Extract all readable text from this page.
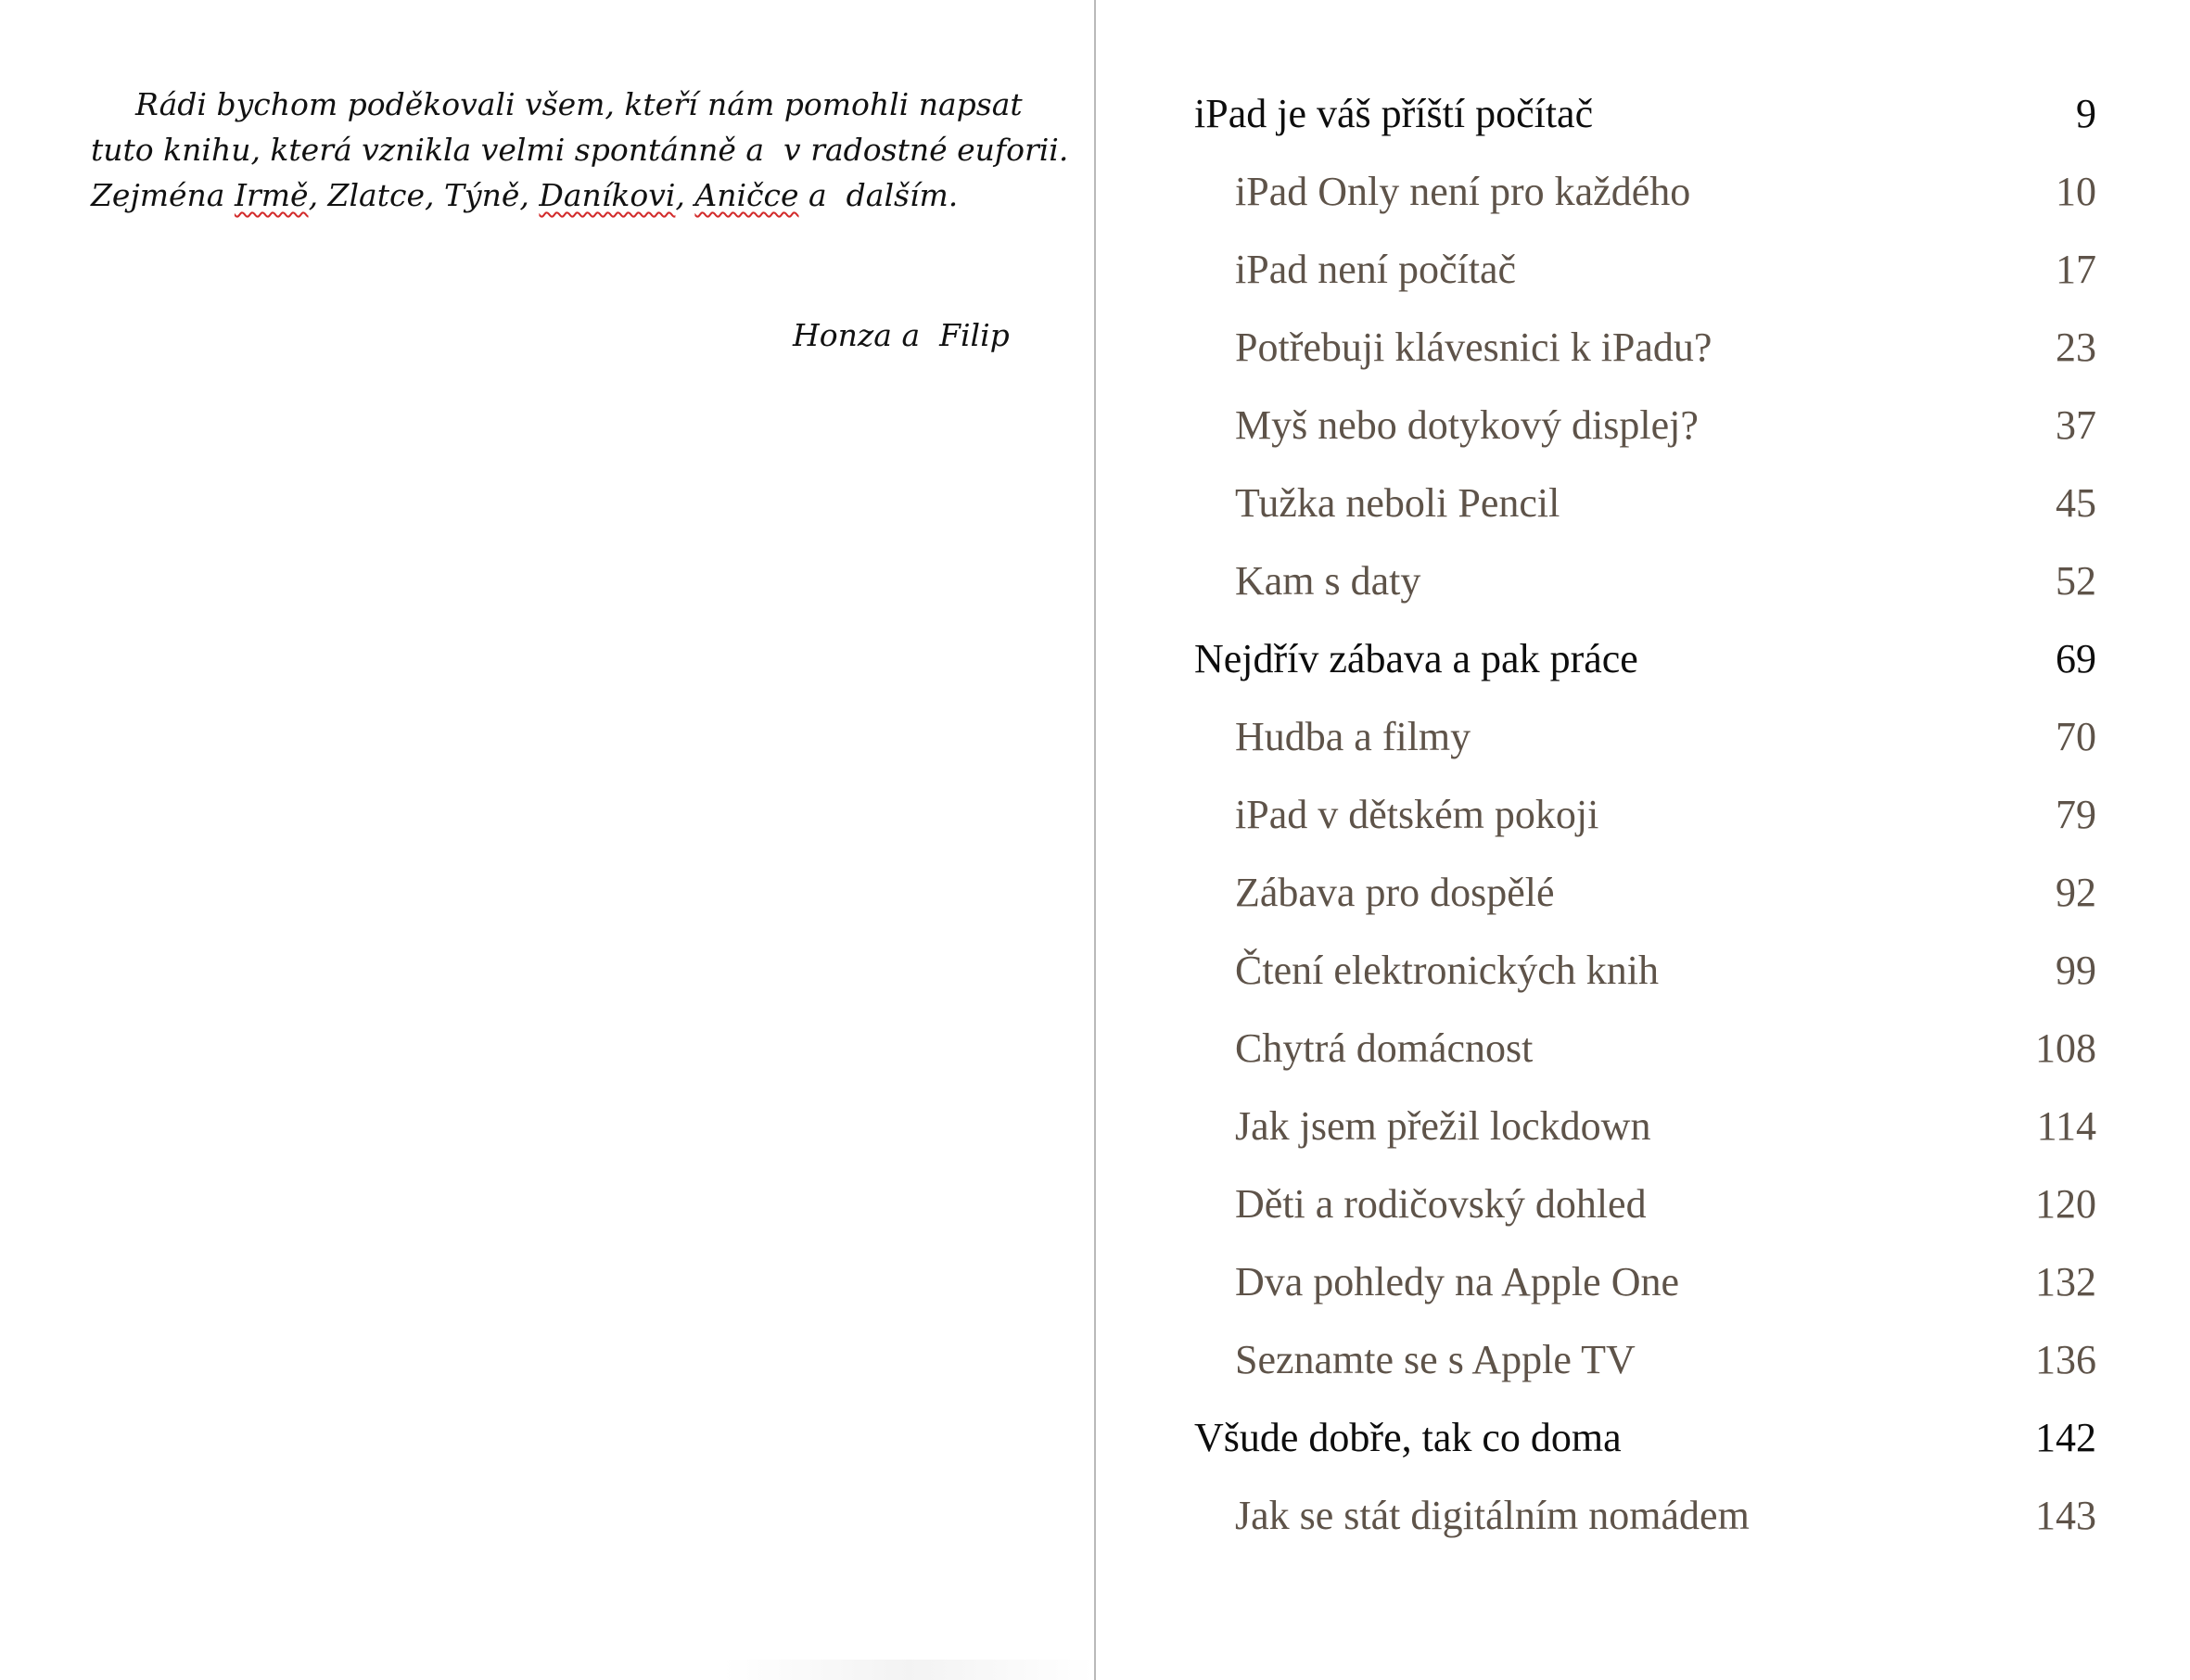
Rádi bychom poděkovali všem, kteří nám pomohli napsat
tuto knihu, která vznikla velmi spontánně a  v radostné euforii.
Zejména Irmě, Zlatce, Týně, Daníkovi, Aničce a  dalším.
Honza a  Filip
iPad je váš příští počítač	9
iPad Only není pro každého	10
iPad není počítač	17
Potřebuji klávesnici k iPadu?	23
Myš nebo dotykový displej?	37
Tužka neboli Pencil	45
Kam s daty	52
Nejdřív zábava a pak práce	69
Hudba a filmy	70
iPad v dětském pokoji	79
Zábava pro dospělé	92
Čtení elektronických knih	99
Chytrá domácnost	108
Jak jsem přežil lockdown	114
Děti a rodičovský dohled	120
Dva pohledy na Apple One	132
Seznamte se s Apple TV	136
Všude dobře, tak co doma	142
Jak se stát digitálním nomádem	143
